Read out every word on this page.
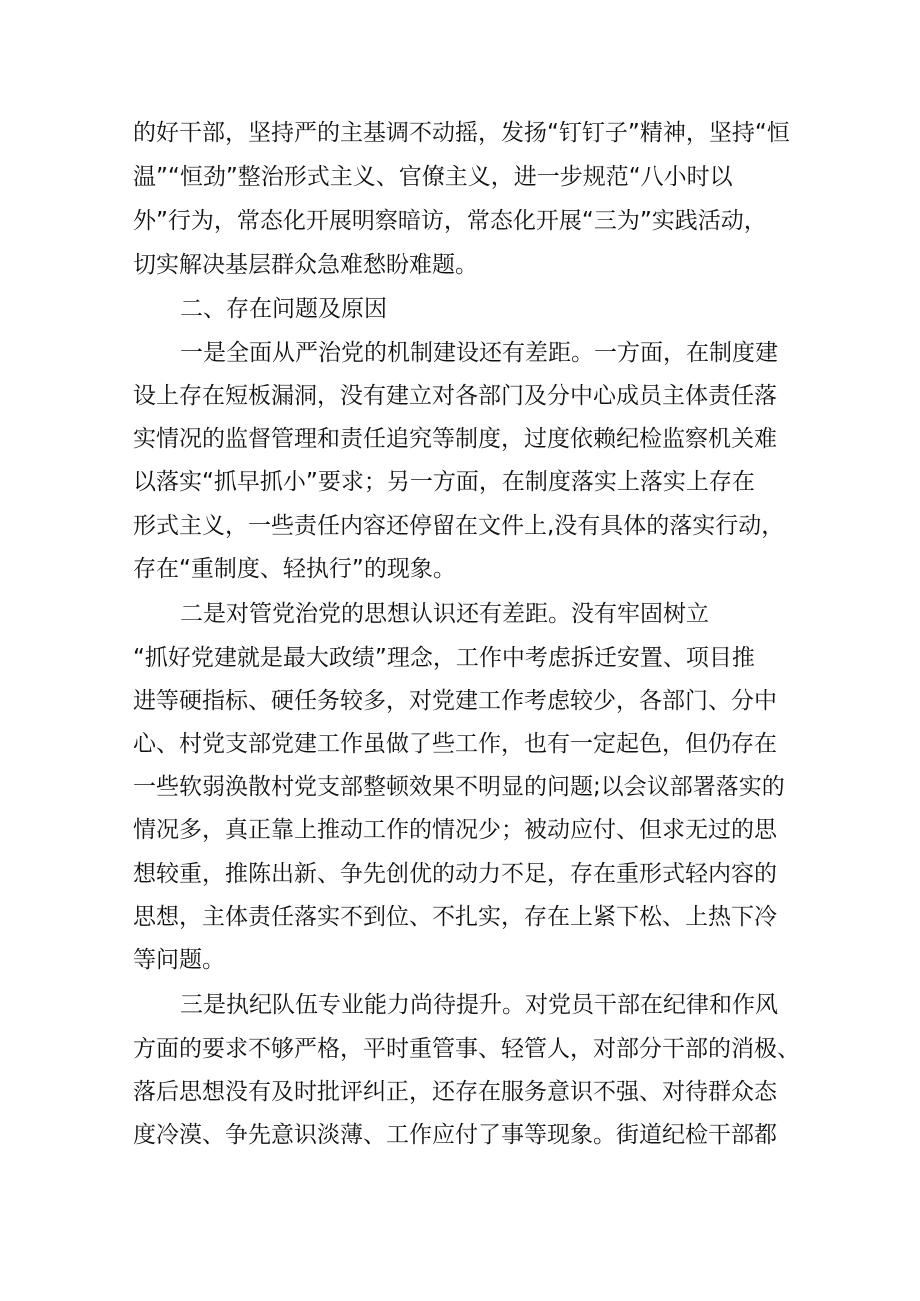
的好干部，坚持严的主基调不动摇，发扬“钉钉子”精神，坚持“恒
温”“恒劲”整治形式主义、官僚主义，进一步规范“八小时以
外”行为，常态化开展明察暗访，常态化开展“三为”实践活动，
切实解决基层群众急难愁盼难题。
二、存在问题及原因
一是全面从严治党的机制建设还有差距。一方面，在制度建
设上存在短板漏洞，没有建立对各部门及分中心成员主体责任落
实情况的监督管理和责任追究等制度，过度依赖纪检监察机关难
以落实“抓早抓小”要求；另一方面，在制度落实上落实上存在
形式主义，一些责任内容还停留在文件上,没有具体的落实行动，
存在“重制度、轻执行”的现象。
二是对管党治党的思想认识还有差距。没有牢固树立
“抓好党建就是最大政绩”理念，工作中考虑拆迁安置、项目推
进等硬指标、硬任务较多，对党建工作考虑较少，各部门、分中
心、村党支部党建工作虽做了些工作，也有一定起色，但仍存在
一些软弱涣散村党支部整顿效果不明显的问题;以会议部署落实的
情况多，真正靠上推动工作的情况少；被动应付、但求无过的思
想较重，推陈出新、争先创优的动力不足，存在重形式轻内容的
思想，主体责任落实不到位、不扎实，存在上紧下松、上热下冷
等问题。
三是执纪队伍专业能力尚待提升。对党员干部在纪律和作风
方面的要求不够严格，平时重管事、轻管人，对部分干部的消极、
落后思想没有及时批评纠正，还存在服务意识不强、对待群众态
度冷漠、争先意识淡薄、工作应付了事等现象。街道纪检干部都
